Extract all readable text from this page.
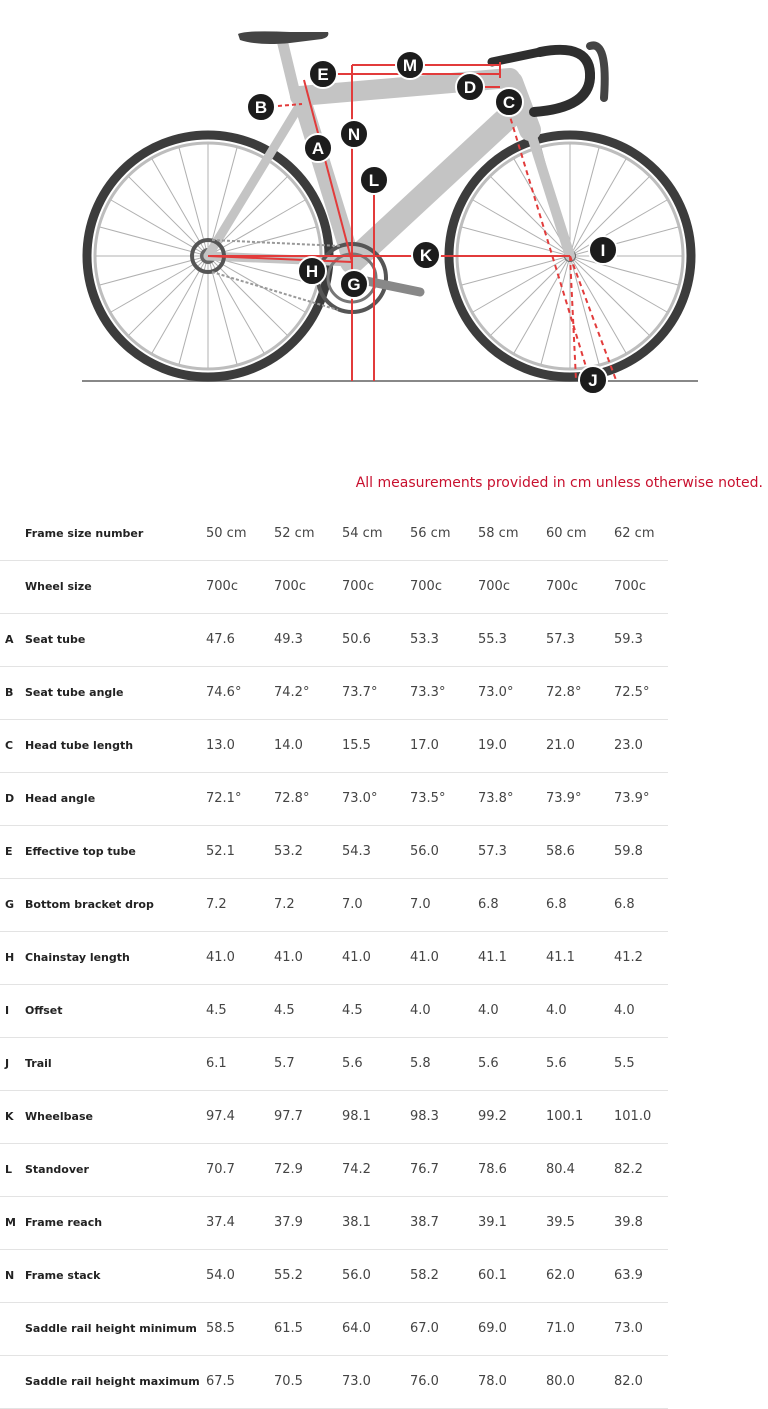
A
B	C
D
E
G
H
I
J
K
L
M
N
All measurements provided in cm unless otherwise noted.
	Frame size number	50 cm	52 cm	54 cm	56 cm	58 cm	60 cm	62 cm
	Wheel size	700c	700c	700c	700c	700c	700c	700c
A	Seat tube	47.6	49.3	50.6	53.3	55.3	57.3	59.3
B	Seat tube angle	74.6°	74.2°	73.7°	73.3°	73.0°	72.8°	72.5°
C	Head tube length	13.0	14.0	15.5	17.0	19.0	21.0	23.0
D	Head angle	72.1°	72.8°	73.0°	73.5°	73.8°	73.9°	73.9°
E	Effective top tube	52.1	53.2	54.3	56.0	57.3	58.6	59.8
G	Bottom bracket drop	7.2	7.2	7.0	7.0	6.8	6.8	6.8
H	Chainstay length	41.0	41.0	41.0	41.0	41.1	41.1	41.2
I	Offset	4.5	4.5	4.5	4.0	4.0	4.0	4.0
J	Trail	6.1	5.7	5.6	5.8	5.6	5.6	5.5
K	Wheelbase	97.4	97.7	98.1	98.3	99.2	100.1	101.0
L	Standover	70.7	72.9	74.2	76.7	78.6	80.4	82.2
M	Frame reach	37.4	37.9	38.1	38.7	39.1	39.5	39.8
N	Frame stack	54.0	55.2	56.0	58.2	60.1	62.0	63.9
	Saddle rail height minimum	58.5	61.5	64.0	67.0	69.0	71.0	73.0
	Saddle rail height maximum	67.5	70.5	73.0	76.0	78.0	80.0	82.0
